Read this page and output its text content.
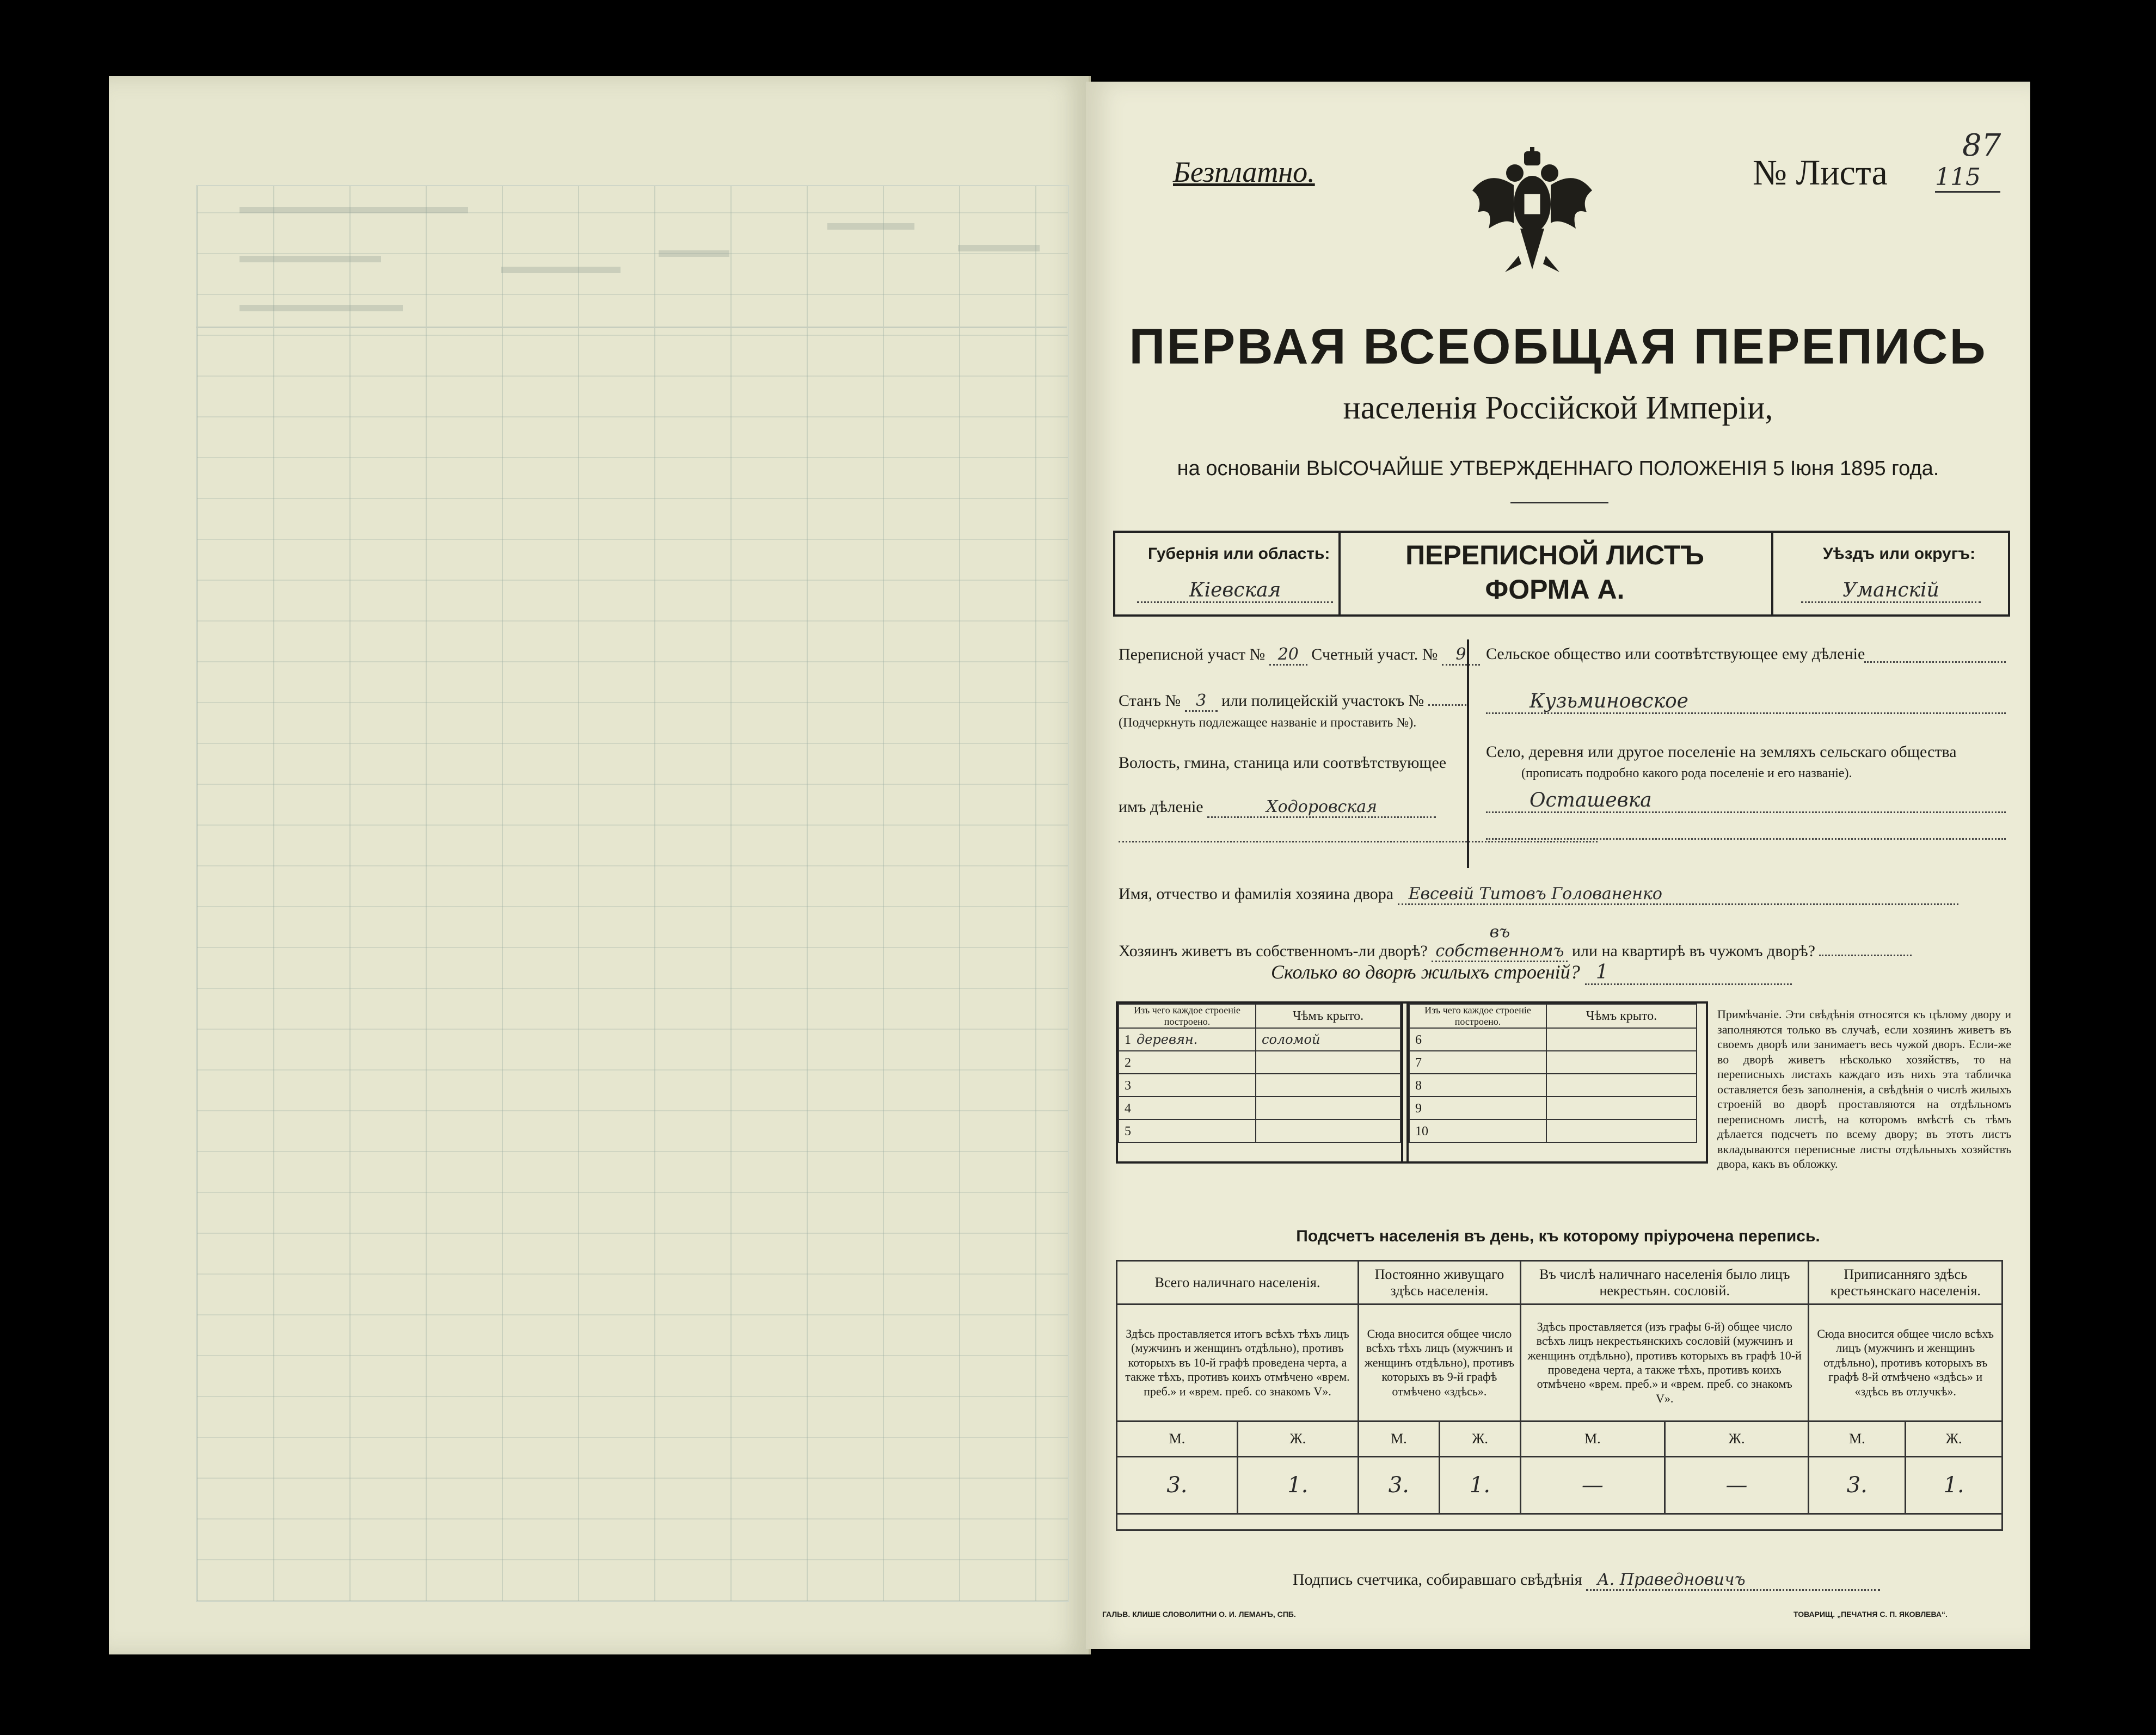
Безплатно.	№ Листа 115
87
ПЕРВАЯ ВСЕОБЩАЯ ПЕРЕПИСЬ
населенія Россійской Имперіи,
на основаніи ВЫСОЧАЙШЕ УТВЕРЖДЕННАГО ПОЛОЖЕНІЯ 5 Іюня 1895 года.
Губернія или область:
Кіевская
ПЕРЕПИСНОЙ ЛИСТЪ
ФОРМА А.
Уѣздъ или округъ:
Уманскій
Переписной участ № 20 Счетный участ. № 9
Станъ № 3 или полицейскій участокъ №
(Подчеркнуть подлежащее названіе и проставить №).
Волость, гмина, станица или соотвѣтствующее
имъ дѣленіе	Ходоровская
Сельское общество или соотвѣтствующее ему дѣленіе
Кузьминовское
Село, деревня или другое поселеніе на земляхъ сельскаго общества
(прописать подробно какого рода поселеніе и его названіе).
Осташевка
Имя, отчество и фамилія хозяина двора Евсевій Титовъ Голованенко
Хозяинъ живетъ въ собственномъ-ли дворѣ? въ собственномъ или на квартирѣ въ чужомъ дворѣ?
Сколько во дворѣ жилыхъ строеній? 1
Изъ чего каждое строеніе построено.	Чѣмъ крыто.
1 деревян.	соломой
2	
3	
4	
5	
Изъ чего каждое строеніе построено.	Чѣмъ крыто.
6	
7	
8	
9	
10	
Примѣчаніе. Эти свѣдѣнія относятся къ цѣлому двору и заполняются только въ случаѣ, если хозяинъ живетъ въ своемъ дворѣ или занимаетъ весь чужой дворъ. Если-же во дворѣ живетъ нѣсколько хозяйствъ, то на переписныхъ листахъ каждаго изъ нихъ эта табличка оставляется безъ заполненія, а свѣдѣнія о числѣ жилыхъ строеній во дворѣ проставляются на отдѣльномъ переписномъ листѣ, на которомъ вмѣстѣ съ тѣмъ дѣлается подсчетъ по всему двору; въ этотъ листъ вкладываются переписные листы отдѣльныхъ хозяйствъ двора, какъ въ обложку.
Подсчетъ населенія въ день, къ которому пріурочена перепись.
Всего наличнаго населенія.		Постоянно живущаго здѣсь населенія.		Въ числѣ наличнаго населенія было лицъ некрестьян. сословій.		Приписанняго здѣсь крестьянскаго населенія.	
Здѣсь проставляется итогъ всѣхъ тѣхъ лицъ (мужчинъ и женщинъ отдѣльно), противъ которыхъ въ 10-й графѣ проведена черта, а также тѣхъ, противъ коихъ отмѣчено «врем. преб.» и «врем. преб. со знакомъ V».		Сюда вносится общее число всѣхъ тѣхъ лицъ (мужчинъ и женщинъ отдѣльно), противъ которыхъ въ 9-й графѣ отмѣчено «здѣсь».		Здѣсь проставляется (изъ графы 6-й) общее число всѣхъ лицъ некрестьянскихъ сословій (мужчинъ и женщинъ отдѣльно), противъ которыхъ въ графѣ 10-й проведена черта, а также тѣхъ, противъ коихъ отмѣчено «врем. преб.» и «врем. преб. со знакомъ V».		Сюда вносится общее число всѣхъ лицъ (мужчинъ и женщинъ отдѣльно), противъ которыхъ въ графѣ 8-й отмѣчено «здѣсь» и «здѣсь въ отлучкѣ».	
М.	Ж.	М.	Ж.	М.	Ж.	М.	Ж.
3.	1.	3.	1.	—	—	3.	1.

Подпись счетчика, собиравшаго свѣдѣнія А. Праведновичъ
ГАЛЬВ. КЛИШЕ СЛОВОЛИТНИ О. И. ЛЕМАНЪ, СПБ.	ТОВАРИЩ. „ПЕЧАТНЯ С. П. ЯКОВЛЕВА“.
